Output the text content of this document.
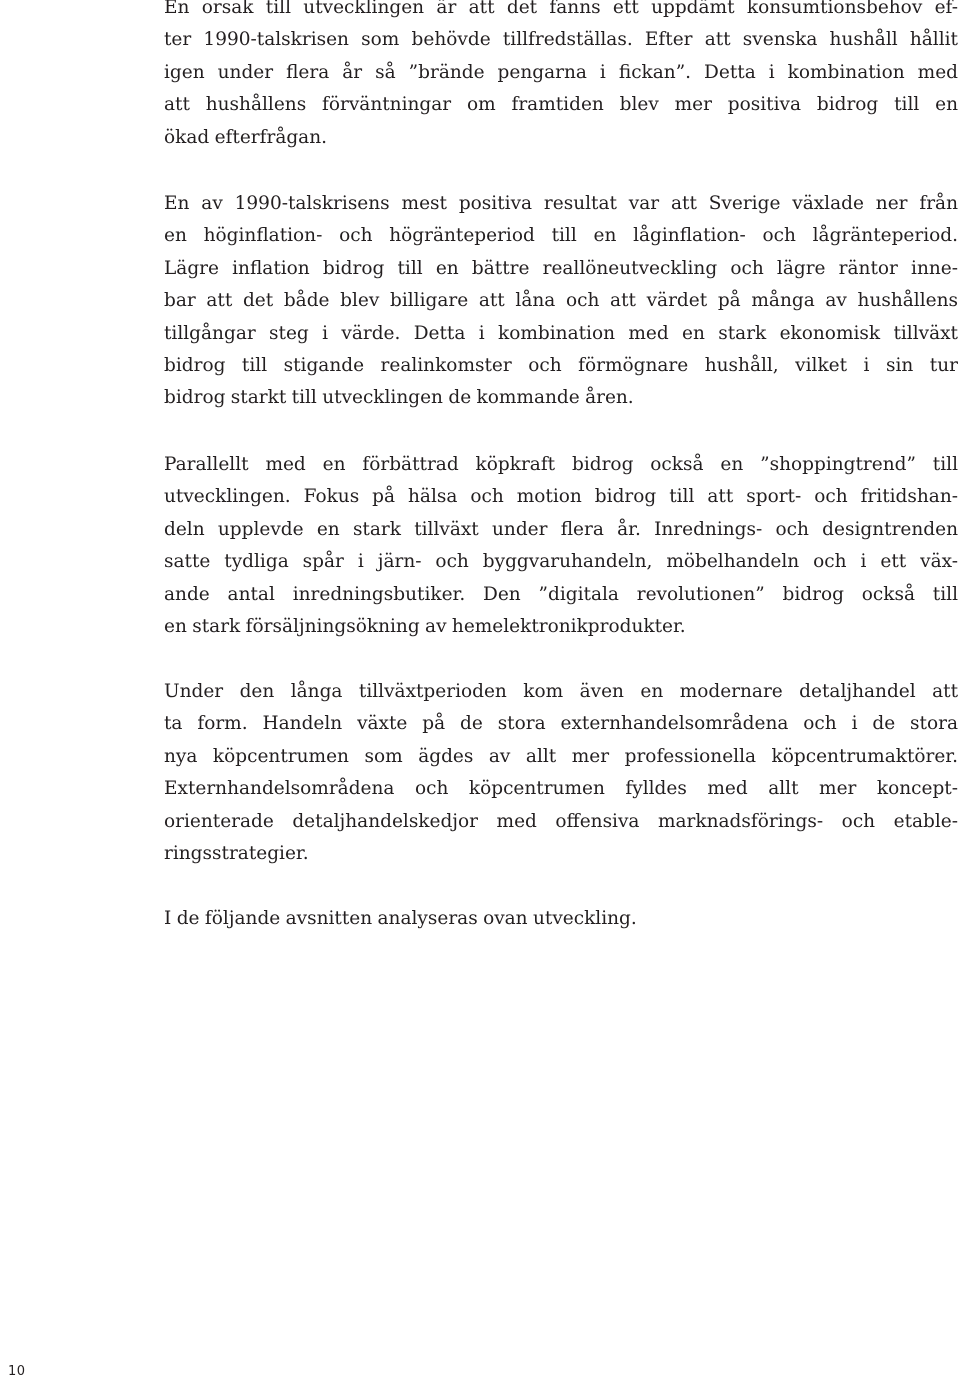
En orsak till utvecklingen är att det fanns ett uppdämt konsumtionsbehov ef-
ter 1990-talskrisen som behövde tillfredställas. Efter att svenska hushåll hållit
igen under flera år så ”brände pengarna i fickan”. Detta i kombination med
att hushållens förväntningar om framtiden blev mer positiva bidrog till en
ökad efterfrågan.

En av 1990-talskrisens mest positiva resultat var att Sverige växlade ner från
en höginflation- och högränteperiod till en låginflation- och lågränteperiod.
Lägre inflation bidrog till en bättre reallöneutveckling och lägre räntor inne-
bar att det både blev billigare att låna och att värdet på många av hushållens
tillgångar steg i värde. Detta i kombination med en stark ekonomisk tillväxt
bidrog till stigande realinkomster och förmögnare hushåll, vilket i sin tur
bidrog starkt till utvecklingen de kommande åren.

Parallellt med en förbättrad köpkraft bidrog också en ”shoppingtrend” till
utvecklingen. Fokus på hälsa och motion bidrog till att sport- och fritidshan-
deln upplevde en stark tillväxt under flera år. Inrednings- och designtrenden
satte tydliga spår i järn- och byggvaruhandeln, möbelhandeln och i ett väx-
ande antal inredningsbutiker. Den ”digitala revolutionen” bidrog också till
en stark försäljningsökning av hemelektronikprodukter.

Under den långa tillväxtperioden kom även en modernare detaljhandel att
ta form. Handeln växte på de stora externhandelsområdena och i de stora
nya köpcentrumen som ägdes av allt mer professionella köpcentrumaktörer.
Externhandelsområdena och köpcentrumen fylldes med allt mer koncept-
orienterade detaljhandelskedjor med offensiva marknadsförings- och etable-
ringsstrategier.

I de följande avsnitten analyseras ovan utveckling.

10
